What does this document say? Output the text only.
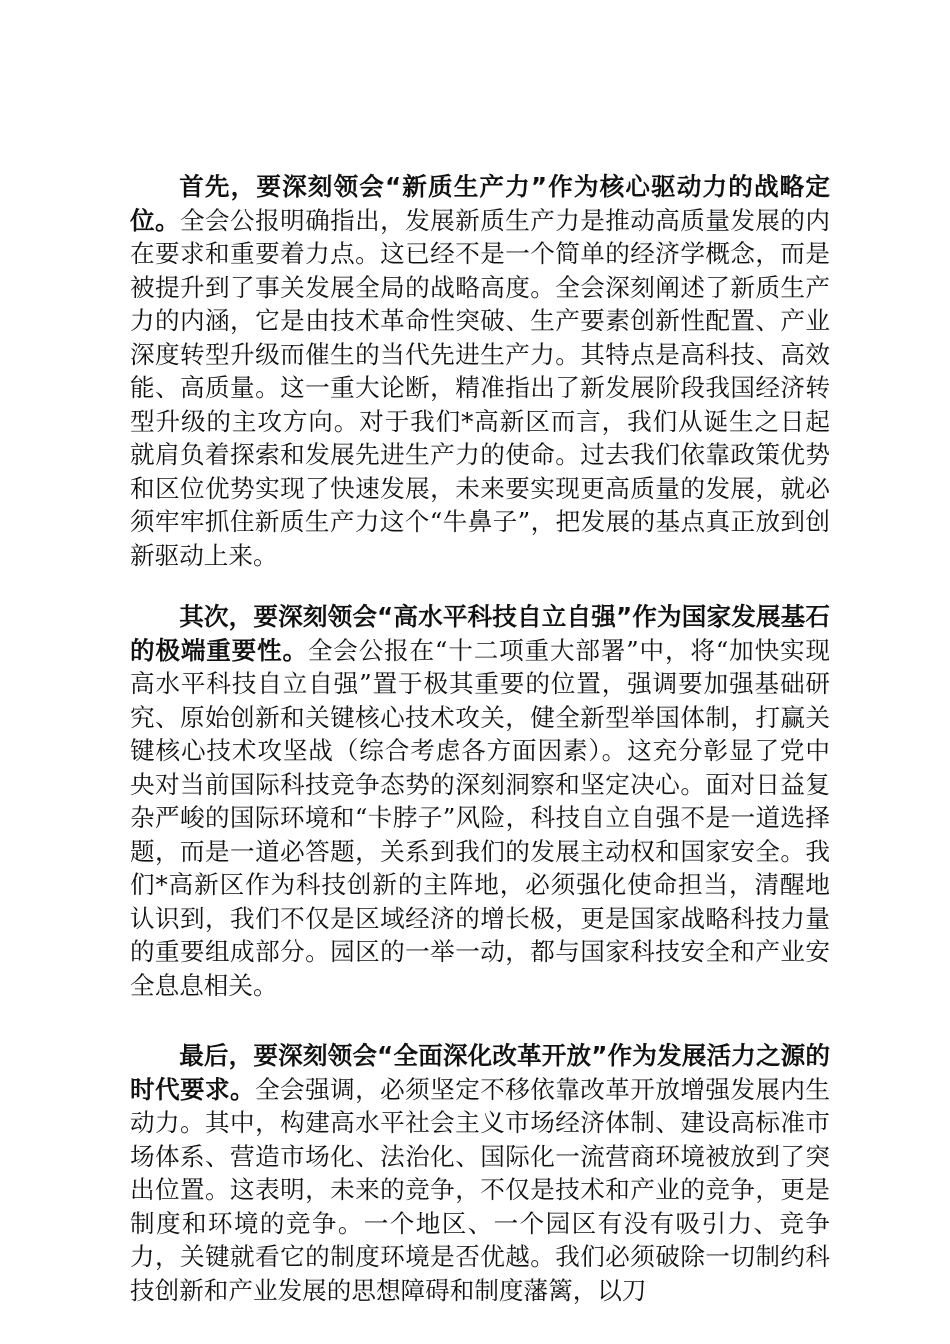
首先，要深刻领会“新质生产力”作为核心驱动力的战略定位。全会公报明确指出，发展新质生产力是推动高质量发展的内在要求和重要着力点。这已经不是一个简单的经济学概念，而是被提升到了事关发展全局的战略高度。全会深刻阐述了新质生产力的内涵，它是由技术革命性突破、生产要素创新性配置、产业深度转型升级而催生的当代先进生产力。其特点是高科技、高效能、高质量。这一重大论断，精准指出了新发展阶段我国经济转型升级的主攻方向。对于我们*高新区而言，我们从诞生之日起就肩负着探索和发展先进生产力的使命。过去我们依靠政策优势和区位优势实现了快速发展，未来要实现更高质量的发展，就必须牢牢抓住新质生产力这个“牛鼻子”，把发展的基点真正放到创新驱动上来。

其次，要深刻领会“高水平科技自立自强”作为国家发展基石的极端重要性。全会公报在“十二项重大部署”中，将“加快实现高水平科技自立自强”置于极其重要的位置，强调要加强基础研究、原始创新和关键核心技术攻关，健全新型举国体制，打赢关键核心技术攻坚战（综合考虑各方面因素）。这充分彰显了党中央对当前国际科技竞争态势的深刻洞察和坚定决心。面对日益复杂严峻的国际环境和“卡脖子”风险，科技自立自强不是一道选择题，而是一道必答题，关系到我们的发展主动权和国家安全。我们*高新区作为科技创新的主阵地，必须强化使命担当，清醒地认识到，我们不仅是区域经济的增长极，更是国家战略科技力量的重要组成部分。园区的一举一动，都与国家科技安全和产业安全息息相关。

最后，要深刻领会“全面深化改革开放”作为发展活力之源的时代要求。全会强调，必须坚定不移依靠改革开放增强发展内生动力。其中，构建高水平社会主义市场经济体制、建设高标准市场体系、营造市场化、法治化、国际化一流营商环境被放到了突出位置。这表明，未来的竞争，不仅是技术和产业的竞争，更是制度和环境的竞争。一个地区、一个园区有没有吸引力、竞争力，关键就看它的制度环境是否优越。我们必须破除一切制约科技创新和产业发展的思想障碍和制度藩篱，以刀
